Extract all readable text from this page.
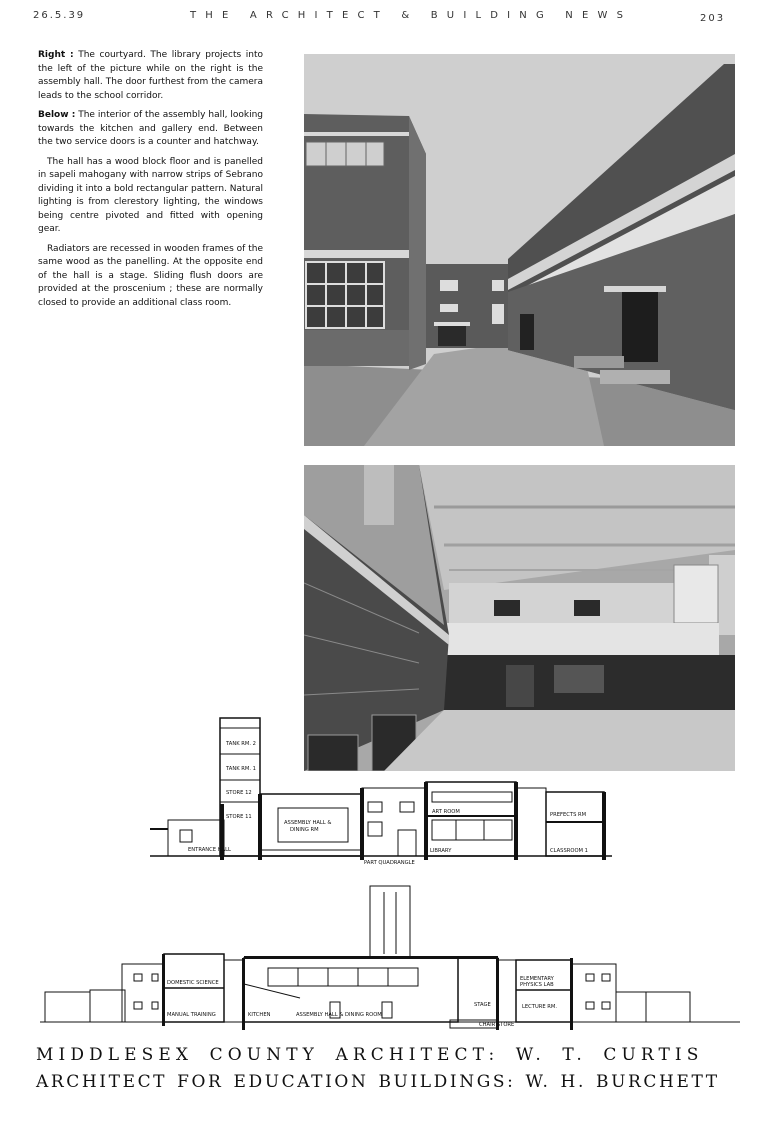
26.5.39	THE ARCHITECT & BUILDING NEWS	203

Right : The courtyard. The library projects into the left of the picture while on the right is the assembly hall. The door furthest from the camera leads to the school corridor.

Below : The interior of the assembly hall, looking towards the kitchen and gallery end. Between the two service doors is a counter and hatchway.

The hall has a wood block floor and is panelled in sapeli mahogany with narrow strips of Sebrano dividing it into a bold rectangular pattern. Natural lighting is from clerestory lighting, the windows being centre pivoted and fitted with opening gear.

Radiators are recessed in wooden frames of the same wood as the panelling. At the opposite end of the hall is a stage. Sliding flush doors are provided at the proscenium ; these are normally closed to provide an additional class room.

TANK RM. 2
TANK RM. 1
STORE 12
STORE 11
ENTRANCE HALL
ASSEMBLY HALL &
DINING RM
PART QUADRANGLE
ART ROOM
LIBRARY
PREFECTS RM
CLASSROOM 1
DOMESTIC SCIENCE
MANUAL TRAINING	KITCHEN	ASSEMBLY HALL & DINING ROOM
STAGE
CHAIR STORE
ELEMENTARY
PHYSICS LAB
LECTURE RM.
MIDDLESEX COUNTY ARCHITECT: W. T. CURTIS
ARCHITECT FOR EDUCATION BUILDINGS: W. H. BURCHETT
